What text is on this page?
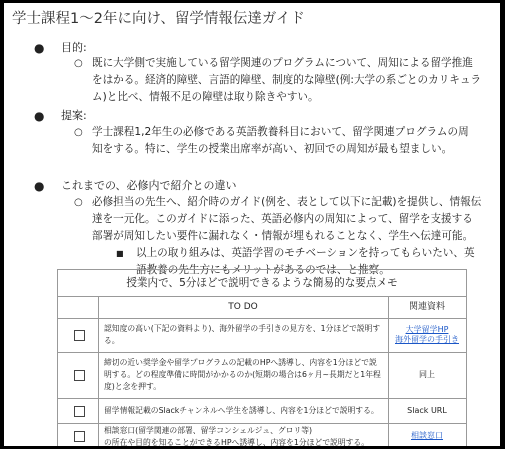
学士課程1〜2年に向け、留学情報伝達ガイド
● 目的:
○ 既に大学側で実施している留学関連のプログラムについて、周知による留学推進
をはかる。経済的障壁、言語的障壁、制度的な障壁(例:大学の系ごとのカリキュラ
ム)と比べ、情報不足の障壁は取り除きやすい。
● 提案:
○ 学士課程1,2年生の必修である英語教養科目において、留学関連プログラムの周
知をする。特に、学生の授業出席率が高い、初回での周知が最も望ましい。
● これまでの、必修内で紹介との違い
○ 必修担当の先生へ、紹介時のガイド(例を、表として以下に記載)を提供し、情報伝
達を一元化。このガイドに添った、英語必修内の周知によって、留学を支援する
部署が周知したい要件に漏れなく・情報が埋もれることなく、学生へ伝達可能。
■ 以上の取り組みは、英語学習のモチベーションを持ってもらいたい、英
語教養の先生方にもメリットがあるのでは、と推察。
授業内で、5分ほどで説明できるような簡易的な要点メモ
TO DO	関連資料
認知度の高い(下記の資料より)、海外留学の手引きの見方を、1分ほどで説明す
る。
大学留学HP
海外留学の手引き
締切の近い奨学金や留学プログラムの記載のHPへ誘導し、内容を1分ほどで説
明する。どの程度準備に時間がかかるのか(短期の場合は6ヶ月~長期だと1年程
度)と念を押す。
同上
留学情報記載のSlackチャンネルへ学生を誘導し、内容を1分ほどで説明する。	Slack URL
相談窓口(留学関連の部署、留学コンシェルジュ、グロリ等)
の所在や目的を知ることができるHPへ誘導し、内容を1分ほどで説明する。
相談窓口
